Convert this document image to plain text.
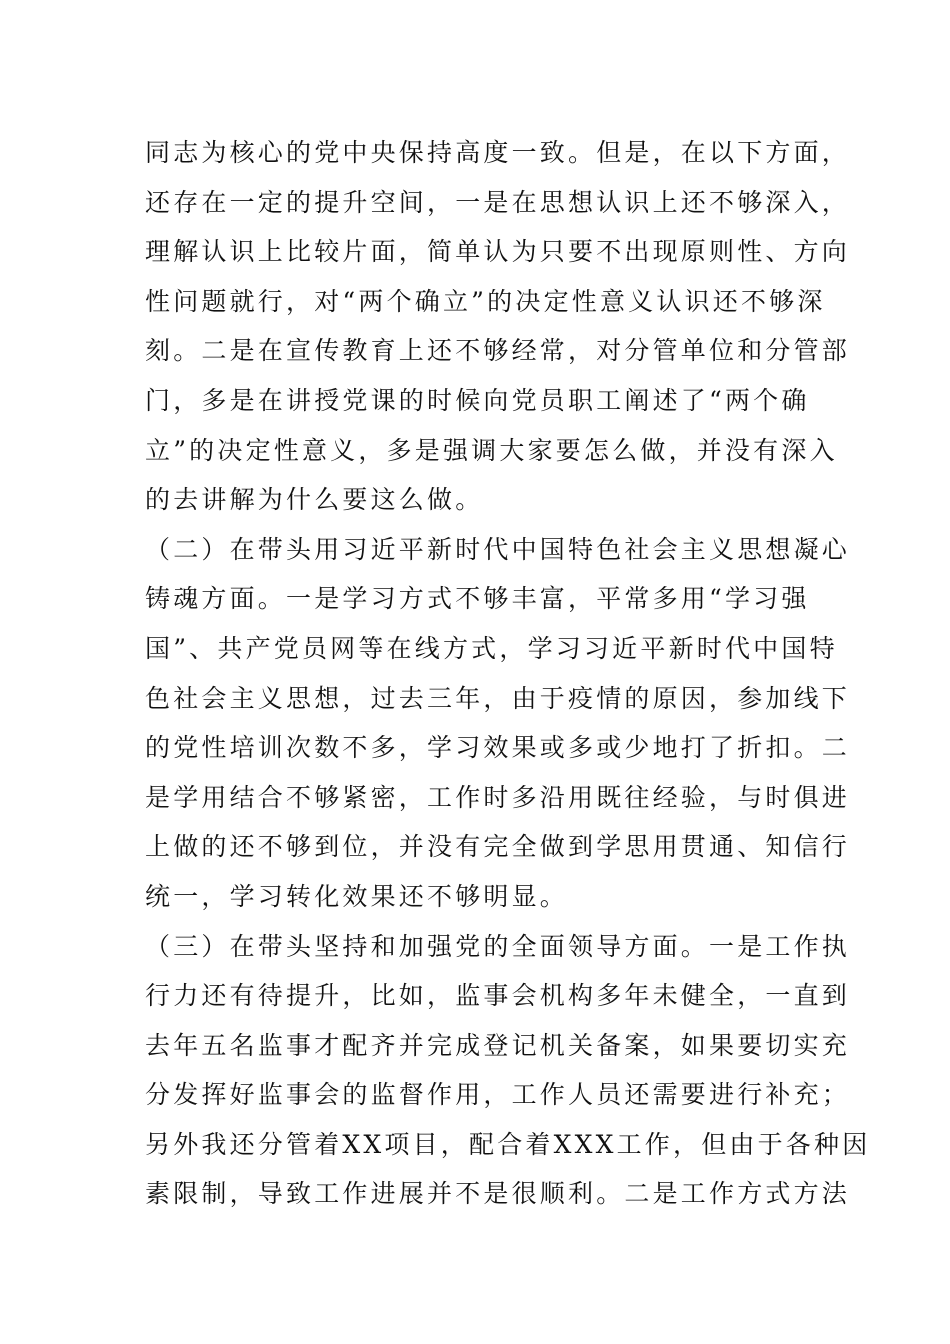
同志为核心的党中央保持高度一致。但是，在以下方面，
还存在一定的提升空间，一是在思想认识上还不够深入，
理解认识上比较片面，简单认为只要不出现原则性、方向
性问题就行，对“两个确立”的决定性意义认识还不够深
刻。二是在宣传教育上还不够经常，对分管单位和分管部
门，多是在讲授党课的时候向党员职工阐述了“两个确
立”的决定性意义，多是强调大家要怎么做，并没有深入
的去讲解为什么要这么做。
（二）在带头用习近平新时代中国特色社会主义思想凝心
铸魂方面。一是学习方式不够丰富，平常多用“学习强
国”、共产党员网等在线方式，学习习近平新时代中国特
色社会主义思想，过去三年，由于疫情的原因，参加线下
的党性培训次数不多，学习效果或多或少地打了折扣。二
是学用结合不够紧密，工作时多沿用既往经验，与时俱进
上做的还不够到位，并没有完全做到学思用贯通、知信行
统一，学习转化效果还不够明显。
（三）在带头坚持和加强党的全面领导方面。一是工作执
行力还有待提升，比如，监事会机构多年未健全，一直到
去年五名监事才配齐并完成登记机关备案，如果要切实充
分发挥好监事会的监督作用，工作人员还需要进行补充；
另外我还分管着XX项目，配合着XXX工作，但由于各种因
素限制，导致工作进展并不是很顺利。二是工作方式方法
